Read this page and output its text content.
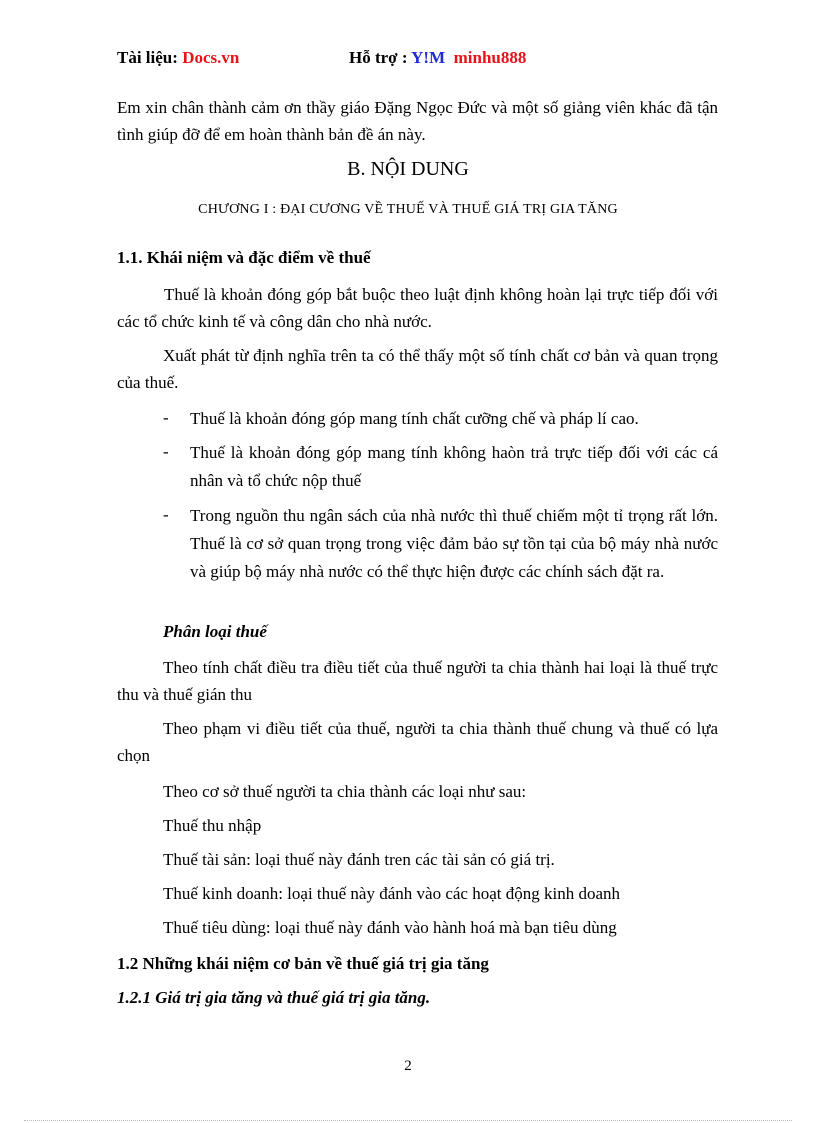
Tài liệu: Docs.vn	Hỗ trợ : Y!M minhu888
Em xin chân thành cảm ơn thầy giáo Đặng Ngọc Đức và một số giảng viên khác đã tận tình giúp đỡ để em hoàn thành bản đề án này.
B. NỘI DUNG
CHƯƠNG I : ĐẠI CƯƠNG VỀ THUẾ VÀ THUẾ GIÁ TRỊ GIA TĂNG
1.1. Khái niệm và đặc điểm về thuế
Thuế là khoản đóng góp bắt buộc theo luật định không hoàn lại trực tiếp đối với các tổ chức kinh tế và công dân cho nhà nước.
Xuất phát từ định nghĩa trên ta có thể thấy một số tính chất cơ bản và quan trọng của thuế.
- Thuế là khoản đóng góp mang tính chất cưỡng chế và pháp lí cao.
- Thuế là khoản đóng góp mang tính không haòn trả trực tiếp đối với các cá nhân và tổ chức nộp thuế
- Trong nguồn thu ngân sách của nhà nước thì thuế chiếm một tỉ trọng rất lớn. Thuế là cơ sở quan trọng trong việc đảm bảo sự tồn tại của bộ máy nhà nước và giúp bộ máy nhà nước có thể thực hiện được các chính sách đặt ra.
Phân loại thuế
Theo tính chất điều tra điều tiết của thuế người ta chia thành hai loại là thuế trực thu và thuế gián thu
Theo phạm vi điều tiết của thuế, người ta chia thành thuế chung và thuế có lựa chọn
Theo cơ sở thuế người ta chia thành các loại như sau:
Thuế thu nhập
Thuế tài sản: loại thuế này đánh tren các tài sản có giá trị.
Thuế kinh doanh: loại thuế này đánh vào các hoạt động kinh doanh
Thuế tiêu dùng: loại thuế này đánh vào hành hoá mà bạn tiêu dùng
1.2 Những khái niệm cơ bản về thuế giá trị gia tăng
1.2.1 Giá trị gia tăng và thuế giá trị gia tăng.
2
